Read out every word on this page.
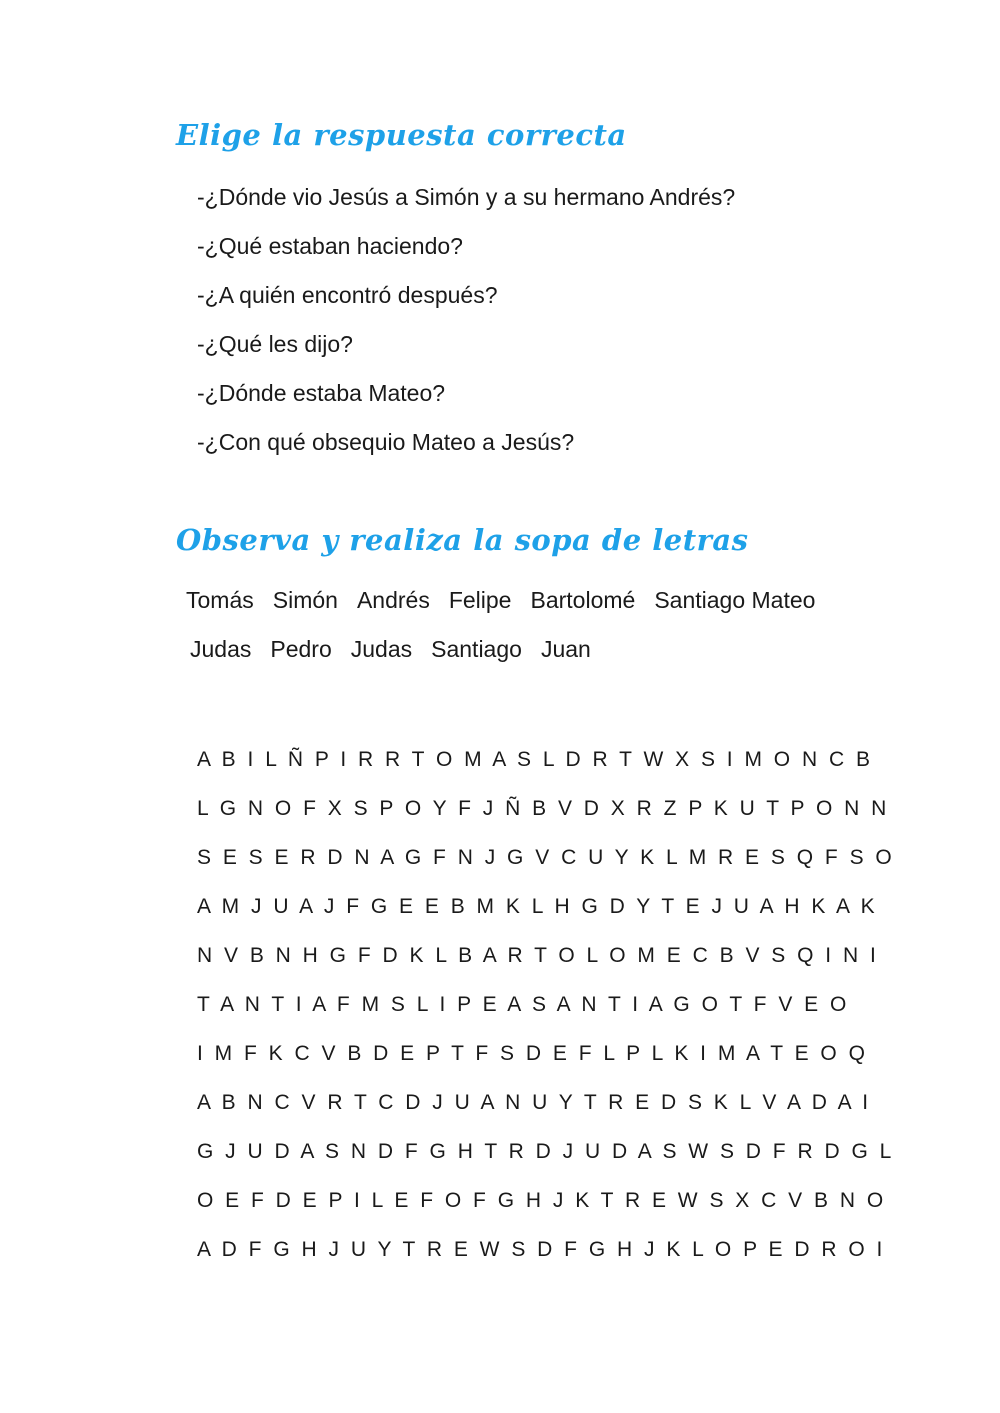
Elige la respuesta correcta
-¿Dónde vio Jesús a Simón y a su hermano Andrés?
-¿Qué estaban haciendo?
-¿A quién encontró después?
-¿Qué les dijo?
-¿Dónde estaba Mateo?
-¿Con qué obsequio Mateo a Jesús?
Observa y realiza la sopa de letras
Tomás Simón Andrés Felipe Bartolomé Santiago Mateo
Judas Pedro Judas Santiago Juan
A B I L Ñ P I R R T O M A S L D R T W X S I M O N C B
L G N O F X S P O Y F J Ñ B V D X R Z P K U T P O N N
S E S E R D N A G F N J G V C U Y K L M R E S Q F S O
A M J U A J F G E E B M K L H G D Y T E J U A H K A K
N V B N H G F D K L B A R T O L O M E C B V S Q I N I
T A N T I A F M S L I P E A S A N T I A G O T F V E O
I M F K C V B D E P T F S D E F L P L K I M A T E O Q
A B N C V R T C D J U A N U Y T R E D S K L V A D A I
G J U D A S N D F G H T R D J U D A S W S D F R D G L
O E F D E P I L E F O F G H J K T R E W S X C V B N O
A D F G H J U Y T R E W S D F G H J K L O P E D R O I
